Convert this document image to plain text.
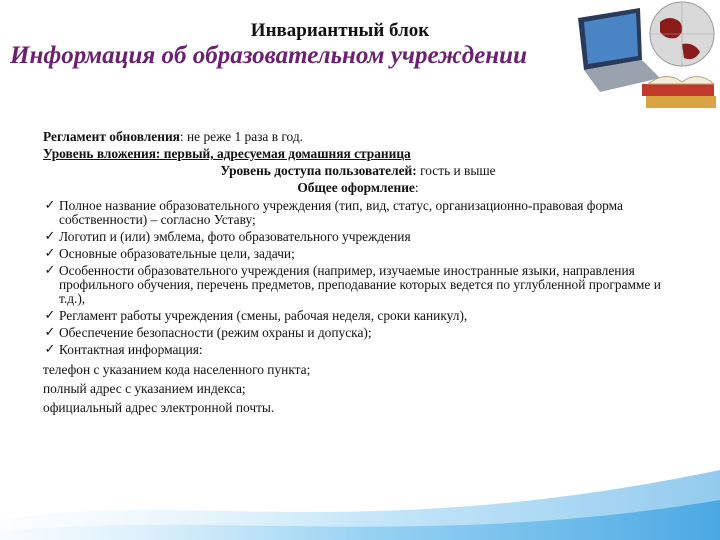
Инвариантный блок
Информация об образовательном учреждении

Регламент обновления: не реже 1 раза в год.

Уровень вложения: первый, адресуемая домашняя страница

Уровень доступа пользователей: гость и выше

Общее оформление:

✓ Полное название образовательного учреждения (тип, вид, статус, организационно-правовая форма собственности) – согласно Уставу;
✓ Логотип и (или) эмблема, фото образовательного учреждения
✓ Основные образовательные цели, задачи;
✓ Особенности образовательного учреждения (например, изучаемые иностранные языки, направления профильного обучения, перечень предметов, преподавание которых ведется по углубленной программе и т.д.),
✓ Регламент работы учреждения (смены, рабочая неделя, сроки каникул),
✓ Обеспечение безопасности (режим охраны и допуска);
✓ Контактная информация:
телефон с указанием кода населенного пункта;
полный адрес с указанием индекса;
официальный адрес электронной почты.
